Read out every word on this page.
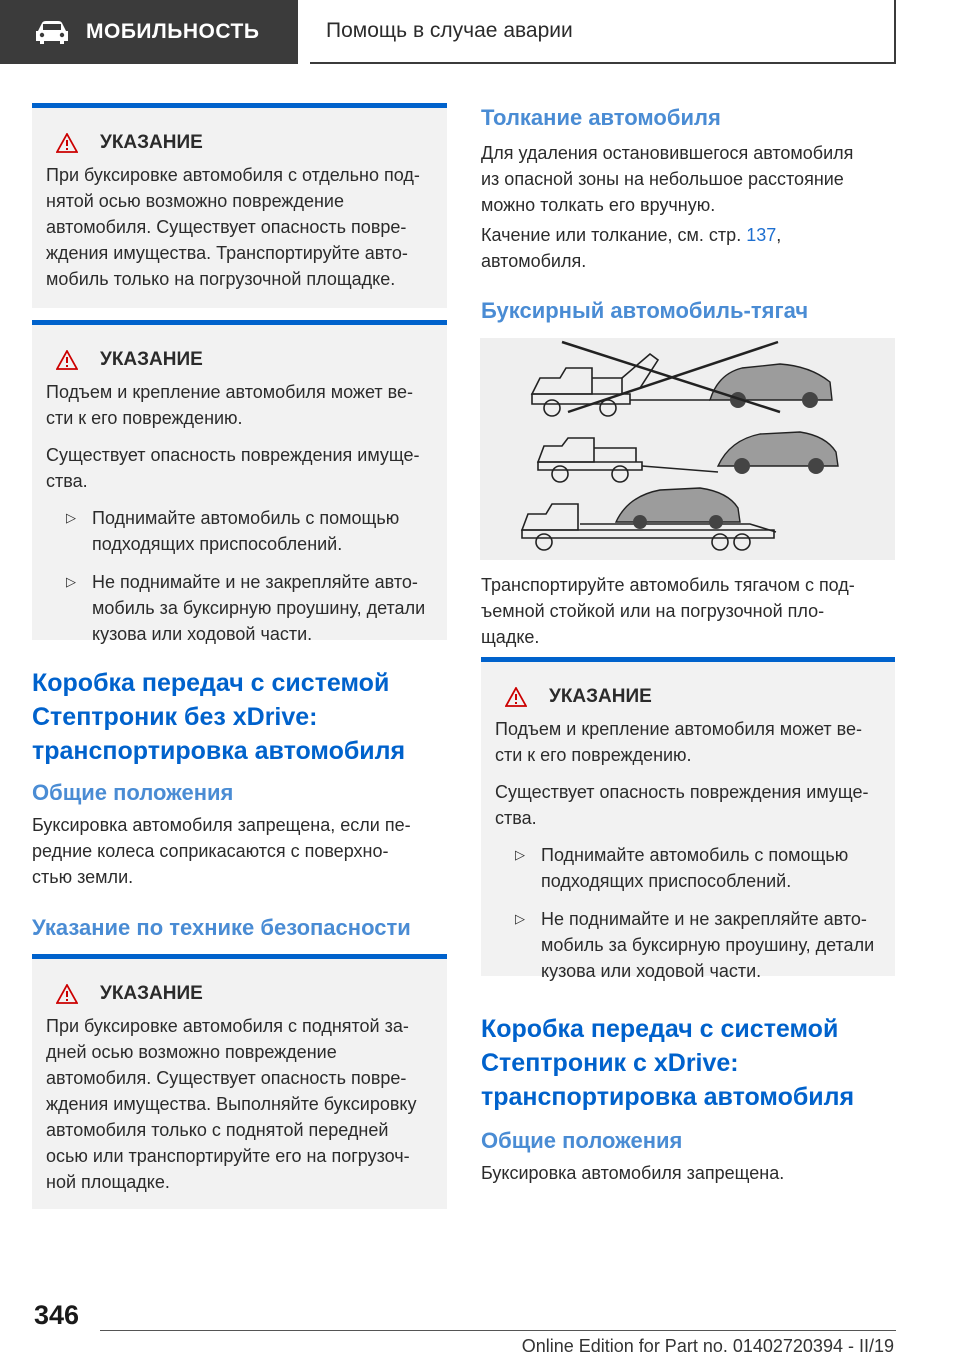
МОБИЛЬНОСТЬ	Помощь в случае аварии
УКАЗАНИЕ

При буксировке автомобиля с отдельно под‐
нятой осью возможно повреждение
автомобиля. Существует опасность повре‐
ждения имущества. Транспортируйте авто‐
мобиль только на погрузочной площадке.

УКАЗАНИЕ

Подъем и крепление автомобиля может ве‐
сти к его повреждению.

Существует опасность повреждения имуще‐
ства.

▷ Поднимайте автомобиль с помощью
подходящих приспособлений.
▷ Не поднимайте и не закрепляйте авто‐
мобиль за буксирную проушину, детали
кузова или ходовой части.
Коробка передач с системой
Стептроник без xDrive:
транспортировка автомобиля
Общие положения

Буксировка автомобиля запрещена, если пе‐
редние колеса соприкасаются с поверхно‐
стью земли.

Указание по технике безопасности
УКАЗАНИЕ

При буксировке автомобиля с поднятой за‐
дней осью возможно повреждение
автомобиля. Существует опасность повре‐
ждения имущества. Выполняйте буксировку
автомобиля только с поднятой передней
осью или транспортируйте его на погрузоч‐
ной площадке.

Толкание автомобиля

Для удаления остановившегося автомобиля
из опасной зоны на небольшое расстояние
можно толкать его вручную.

Качение или толкание, см. стр. 137,
автомобиля.

Буксирный автомобиль-тягач

Транспортируйте автомобиль тягачом с под‐
ъемной стойкой или на погрузочной пло‐
щадке.

УКАЗАНИЕ

Подъем и крепление автомобиля может ве‐
сти к его повреждению.

Существует опасность повреждения имуще‐
ства.

▷ Поднимайте автомобиль с помощью
подходящих приспособлений.
▷ Не поднимайте и не закрепляйте авто‐
мобиль за буксирную проушину, детали
кузова или ходовой части.
Коробка передач с системой
Стептроник с xDrive:
транспортировка автомобиля
Общие положения

Буксировка автомобиля запрещена.

346
Online Edition for Part no. 01402720394 - II/19
